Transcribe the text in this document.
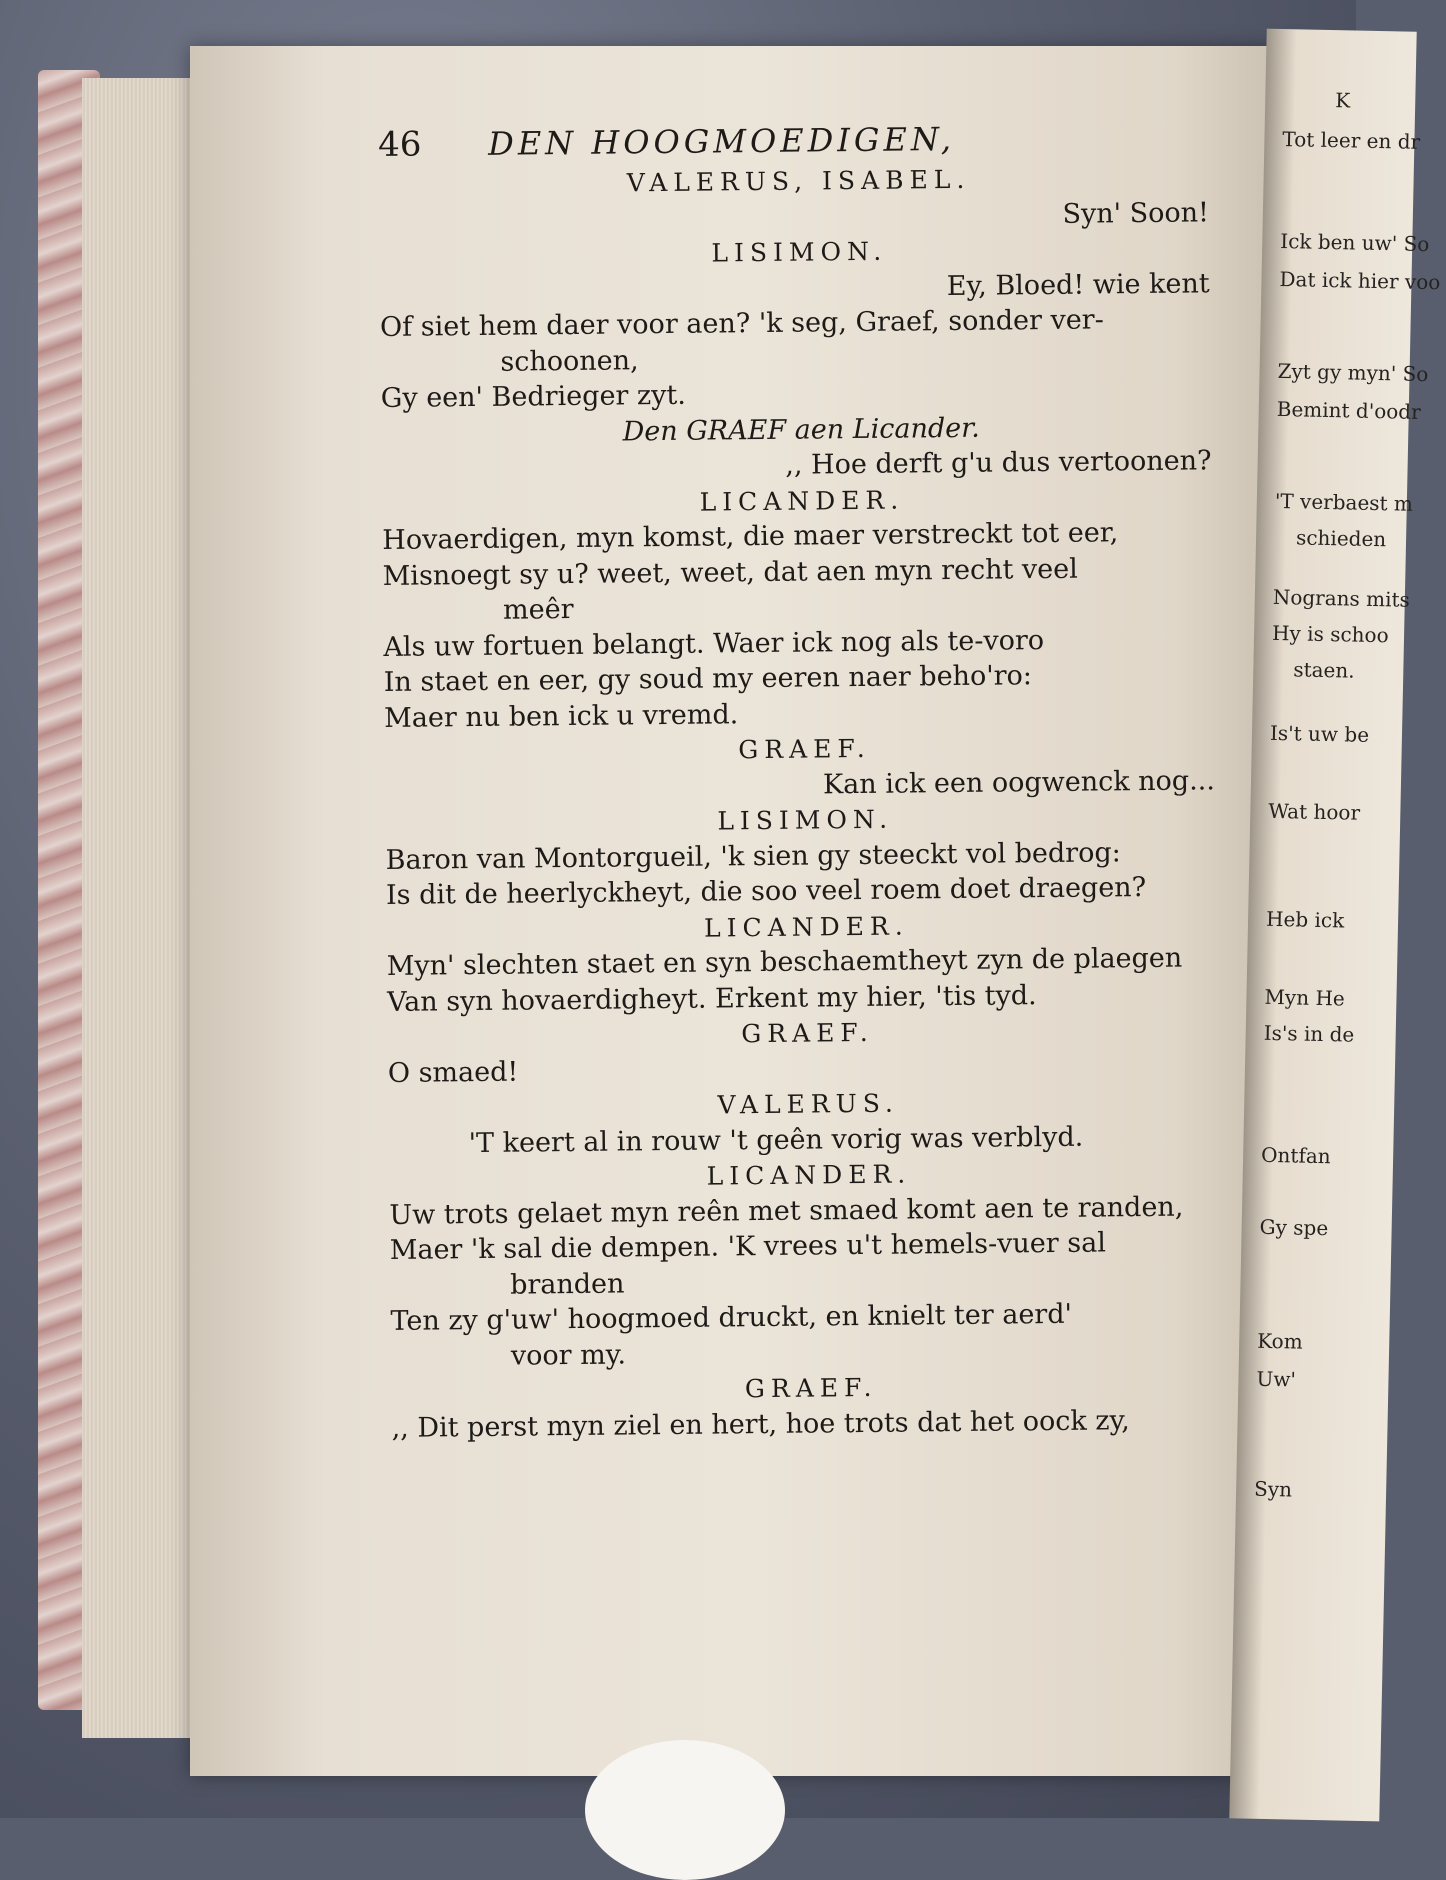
K
Tot leer en dr
Ick ben uw' So
Dat ick hier voo
Zyt gy myn' So
Bemint d'oodr
'T verbaest m
schieden
Nograns mits
Hy is schoo
staen.
Is't uw be
Wat hoor
Heb ick
Myn He
Is's in de
Ontfan
Gy spe
Kom
Uw'
Syn
46	DEN HOOGMOEDIGEN,
VALERUS, ISABEL.
Syn' Soon!
LISIMON.
Ey, Bloed! wie kent
Of siet hem daer voor aen? 'k seg, Graef, sonder ver-
schoonen,
Gy een' Bedrieger zyt.
Den GRAEF aen Licander.
,, Hoe derft g'u dus vertoonen?
LICANDER.
Hovaerdigen, myn komst, die maer verstreckt tot eer,
Misnoegt sy u? weet, weet, dat aen myn recht veel
meêr
Als uw fortuen belangt. Waer ick nog als te-voro
In staet en eer, gy soud my eeren naer beho'ro:
Maer nu ben ick u vremd.
GRAEF.
Kan ick een oogwenck nog...
LISIMON.
Baron van Montorgueil, 'k sien gy steeckt vol bedrog:
Is dit de heerlyckheyt, die soo veel roem doet draegen?
LICANDER.
Myn' slechten staet en syn beschaemtheyt zyn de plaegen
Van syn hovaerdigheyt. Erkent my hier, 'tis tyd.
GRAEF.
O smaed!
VALERUS.
'T keert al in rouw 't geên vorig was verblyd.
LICANDER.
Uw trots gelaet myn reên met smaed komt aen te randen,
Maer 'k sal die dempen. 'K vrees u't hemels-vuer sal
branden
Ten zy g'uw' hoogmoed druckt, en knielt ter aerd'
voor my.
GRAEF.
,, Dit perst myn ziel en hert, hoe trots dat het oock zy,
